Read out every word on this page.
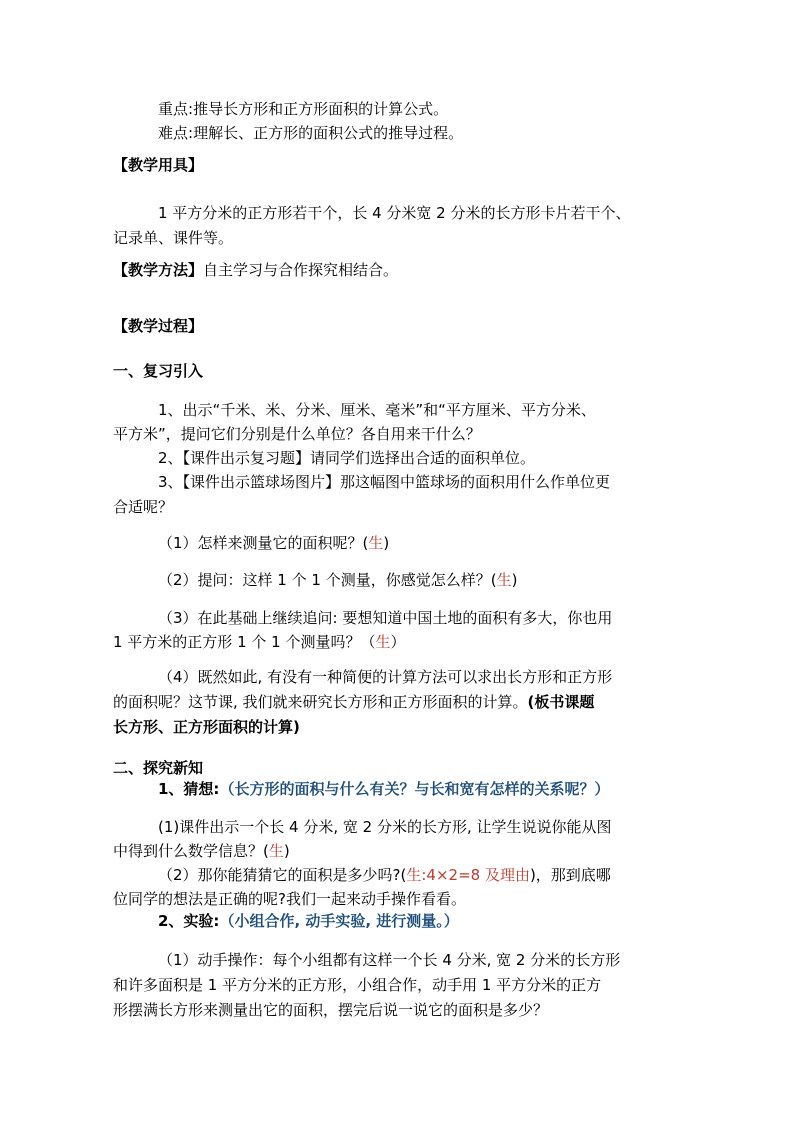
重点:推导长方形和正方形面积的计算公式。
难点:理解长、正方形的面积公式的推导过程。
【教学用具】
1 平方分米的正方形若干个，长 4 分米宽 2 分米的长方形卡片若干个、
记录单、课件等。
【教学方法】自主学习与合作探究相结合。
【教学过程】
一、复习引入
1、出示“千米、米、分米、厘米、毫米”和“平方厘米、平方分米、
平方米”，提问它们分别是什么单位？各自用来干什么？
2、【课件出示复习题】请同学们选择出合适的面积单位。
3、【课件出示篮球场图片】那这幅图中篮球场的面积用什么作单位更
合适呢？
（1）怎样来测量它的面积呢？(生)
（2）提问：这样 1 个 1 个测量，你感觉怎么样？(生)
（3）在此基础上继续追问: 要想知道中国土地的面积有多大，你也用
1 平方米的正方形 1 个 1 个测量吗？（生）
（4）既然如此, 有没有一种简便的计算方法可以求出长方形和正方形
的面积呢？这节课, 我们就来研究长方形和正方形面积的计算。(板书课题
长方形、正方形面积的计算)
二、探究新知
1、猜想:（长方形的面积与什么有关？与长和宽有怎样的关系呢？）
(1)课件出示一个长 4 分米, 宽 2 分米的长方形, 让学生说说你能从图
中得到什么数学信息？(生)
（2）那你能猜猜它的面积是多少吗?(生:4×2=8 及理由)，那到底哪
位同学的想法是正确的呢?我们一起来动手操作看看。
2、实验:（小组合作, 动手实验, 进行测量。）
（1）动手操作：每个小组都有这样一个长 4 分米, 宽 2 分米的长方形
和许多面积是 1 平方分米的正方形，小组合作，动手用 1 平方分米的正方
形摆满长方形来测量出它的面积，摆完后说一说它的面积是多少？
